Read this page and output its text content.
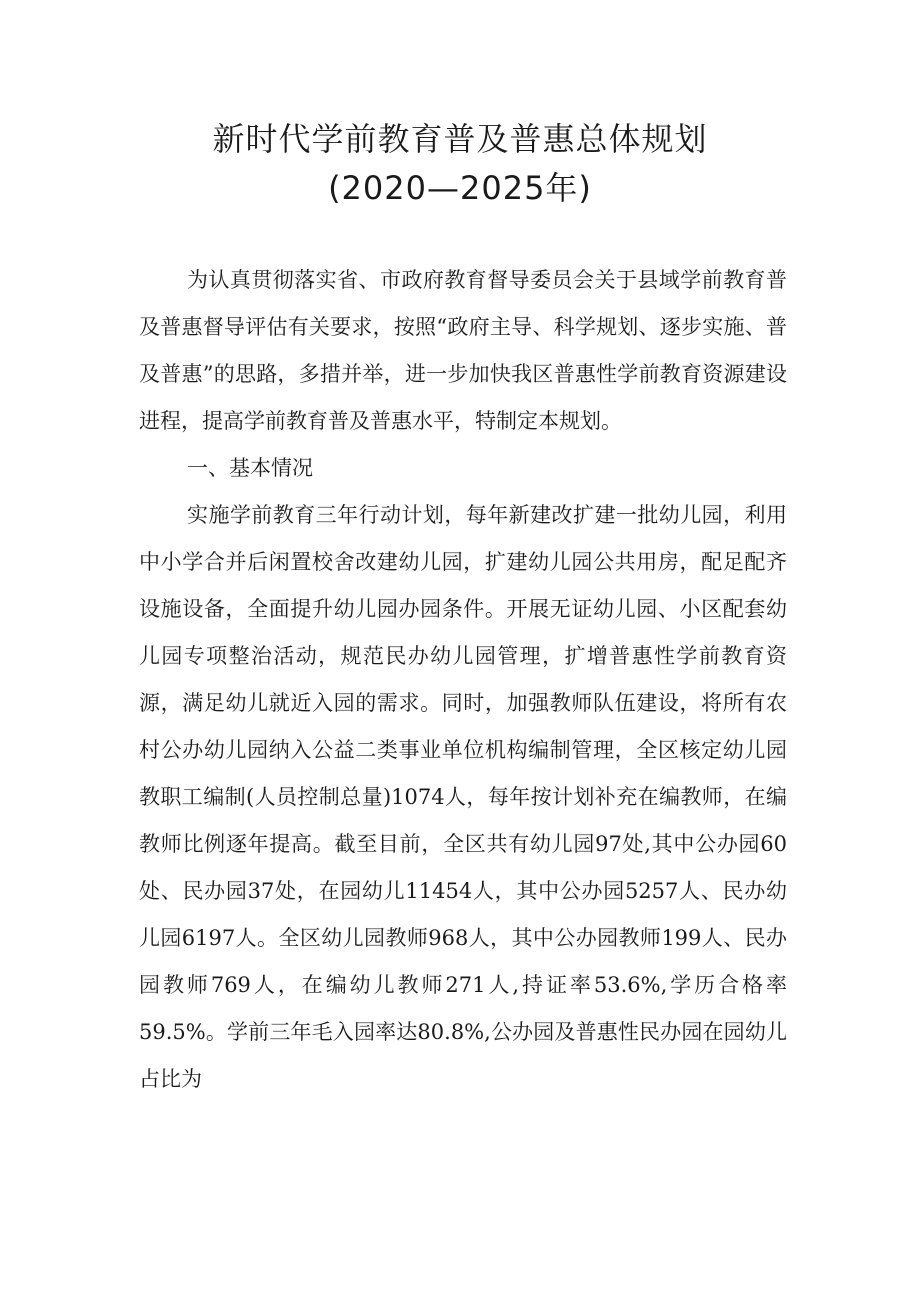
新时代学前教育普及普惠总体规划
(2020—2025年)

为认真贯彻落实省、市政府教育督导委员会关于县域学前教育普及普惠督导评估有关要求，按照“政府主导、科学规划、逐步实施、普及普惠”的思路，多措并举，进一步加快我区普惠性学前教育资源建设进程，提高学前教育普及普惠水平，特制定本规划。

一、基本情况

实施学前教育三年行动计划，每年新建改扩建一批幼儿园，利用中小学合并后闲置校舍改建幼儿园，扩建幼儿园公共用房，配足配齐设施设备，全面提升幼儿园办园条件。开展无证幼儿园、小区配套幼儿园专项整治活动，规范民办幼儿园管理，扩增普惠性学前教育资源，满足幼儿就近入园的需求。同时，加强教师队伍建设，将所有农村公办幼儿园纳入公益二类事业单位机构编制管理，全区核定幼儿园教职工编制(人员控制总量)1074人，每年按计划补充在编教师，在编教师比例逐年提高。截至目前，全区共有幼儿园97处,其中公办园60处、民办园37处，在园幼儿11454人，其中公办园5257人、民办幼儿园6197人。全区幼儿园教师968人，其中公办园教师199人、民办园教师769人，在编幼儿教师271人,持证率53.6%,学历合格率59.5%。学前三年毛入园率达80.8%,公办园及普惠性民办园在园幼儿占比为
